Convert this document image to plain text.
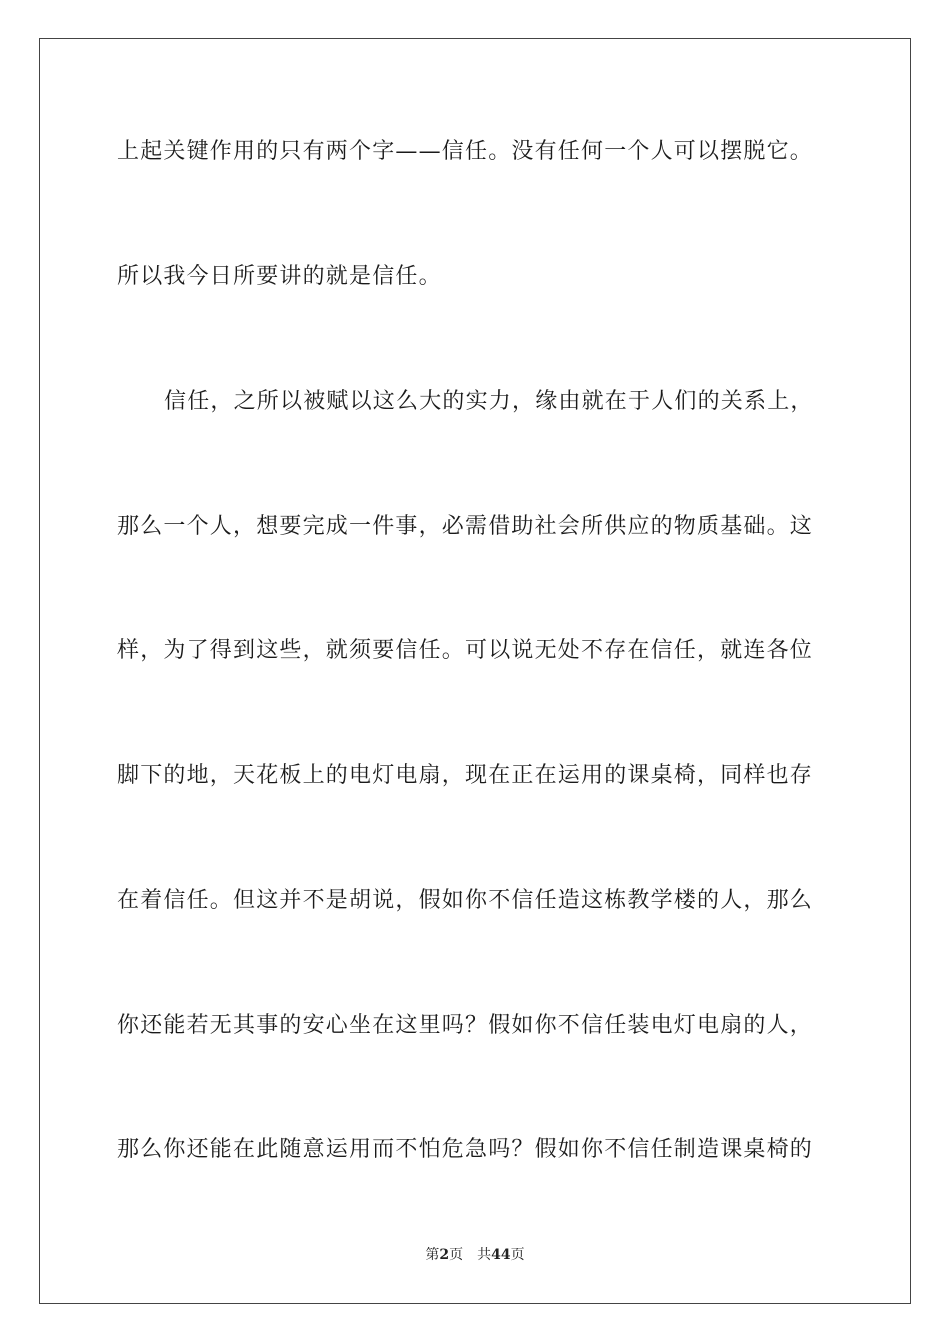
上起关键作用的只有两个字——信任。没有任何一个人可以摆脱它。
所以我今日所要讲的就是信任。
信任，之所以被赋以这么大的实力，缘由就在于人们的关系上，
那么一个人，想要完成一件事，必需借助社会所供应的物质基础。这
样，为了得到这些，就须要信任。可以说无处不存在信任，就连各位
脚下的地，天花板上的电灯电扇，现在正在运用的课桌椅，同样也存
在着信任。但这并不是胡说，假如你不信任造这栋教学楼的人，那么
你还能若无其事的安心坐在这里吗？假如你不信任装电灯电扇的人，
那么你还能在此随意运用而不怕危急吗？假如你不信任制造课桌椅的
第2页 共44页
